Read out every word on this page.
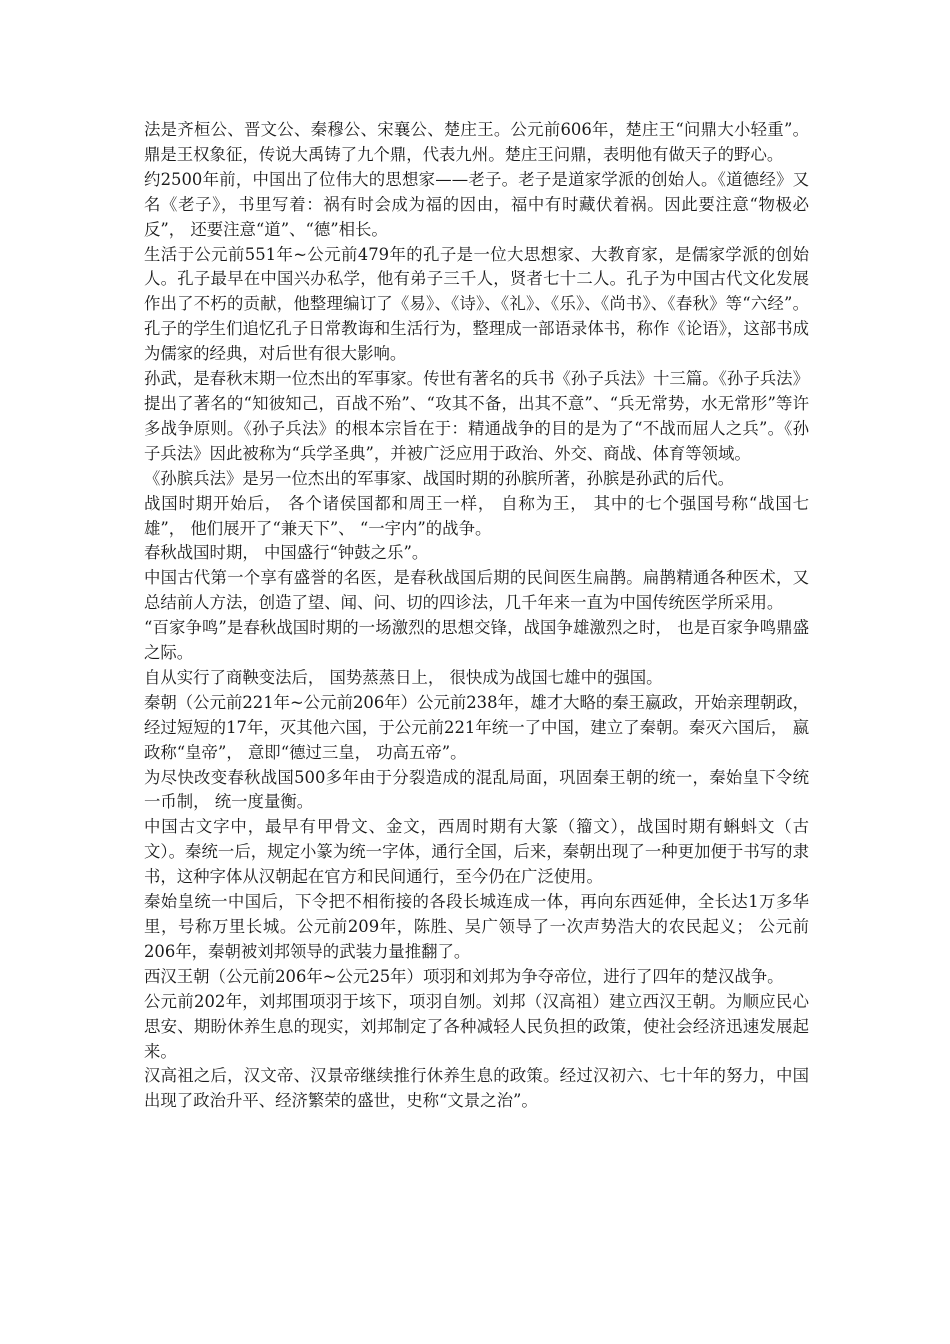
法是齐桓公、晋文公、秦穆公、宋襄公、楚庄王。公元前606年，楚庄王“问鼎大小轻重”。鼎是王权象征，传说大禹铸了九个鼎，代表九州。楚庄王问鼎，表明他有做天子的野心。

约2500年前，中国出了位伟大的思想家——老子。老子是道家学派的创始人。《道德经》又名《老子》，书里写着：祸有时会成为福的因由，福中有时藏伏着祸。因此要注意“物极必反”， 还要注意“道”、“德”相长。

生活于公元前551年~公元前479年的孔子是一位大思想家、大教育家，是儒家学派的创始人。孔子最早在中国兴办私学，他有弟子三千人，贤者七十二人。孔子为中国古代文化发展作出了不朽的贡献，他整理编订了《易》、《诗》、《礼》、《乐》、《尚书》、《春秋》等“六经”。孔子的学生们追忆孔子日常教诲和生活行为，整理成一部语录体书，称作《论语》，这部书成为儒家的经典，对后世有很大影响。

孙武，是春秋末期一位杰出的军事家。传世有著名的兵书《孙子兵法》十三篇。《孙子兵法》提出了著名的“知彼知己，百战不殆”、“攻其不备，出其不意”、“兵无常势，水无常形”等许多战争原则。《孙子兵法》的根本宗旨在于：精通战争的目的是为了“不战而屈人之兵”。《孙子兵法》因此被称为“兵学圣典”，并被广泛应用于政治、外交、商战、体育等领域。

《孙膑兵法》是另一位杰出的军事家、战国时期的孙膑所著，孙膑是孙武的后代。

战国时期开始后， 各个诸侯国都和周王一样， 自称为王， 其中的七个强国号称“战国七雄”， 他们展开了“兼天下”、 “一宇内”的战争。

春秋战国时期， 中国盛行“钟鼓之乐”。

中国古代第一个享有盛誉的名医，是春秋战国后期的民间医生扁鹊。扁鹊精通各种医术，又总结前人方法，创造了望、闻、问、切的四诊法，几千年来一直为中国传统医学所采用。

“百家争鸣”是春秋战国时期的一场激烈的思想交锋，战国争雄激烈之时， 也是百家争鸣鼎盛之际。

自从实行了商鞅变法后， 国势蒸蒸日上， 很快成为战国七雄中的强国。

秦朝（公元前221年~公元前206年）公元前238年，雄才大略的秦王嬴政，开始亲理朝政，经过短短的17年，灭其他六国，于公元前221年统一了中国，建立了秦朝。秦灭六国后， 嬴政称“皇帝”， 意即“德过三皇， 功高五帝”。

为尽快改变春秋战国500多年由于分裂造成的混乱局面，巩固秦王朝的统一，秦始皇下令统一币制， 统一度量衡。

中国古文字中，最早有甲骨文、金文，西周时期有大篆（籀文），战国时期有蝌蚪文（古文）。秦统一后，规定小篆为统一字体，通行全国，后来，秦朝出现了一种更加便于书写的隶书，这种字体从汉朝起在官方和民间通行，至今仍在广泛使用。

秦始皇统一中国后，下令把不相衔接的各段长城连成一体，再向东西延伸，全长达1万多华里，号称万里长城。公元前209年，陈胜、吴广领导了一次声势浩大的农民起义； 公元前206年，秦朝被刘邦领导的武装力量推翻了。

西汉王朝（公元前206年~公元25年）项羽和刘邦为争夺帝位，进行了四年的楚汉战争。

公元前202年，刘邦围项羽于垓下，项羽自刎。刘邦（汉高祖）建立西汉王朝。为顺应民心思安、期盼休养生息的现实，刘邦制定了各种减轻人民负担的政策，使社会经济迅速发展起来。

汉高祖之后，汉文帝、汉景帝继续推行休养生息的政策。经过汉初六、七十年的努力，中国出现了政治升平、经济繁荣的盛世，史称“文景之治”。
